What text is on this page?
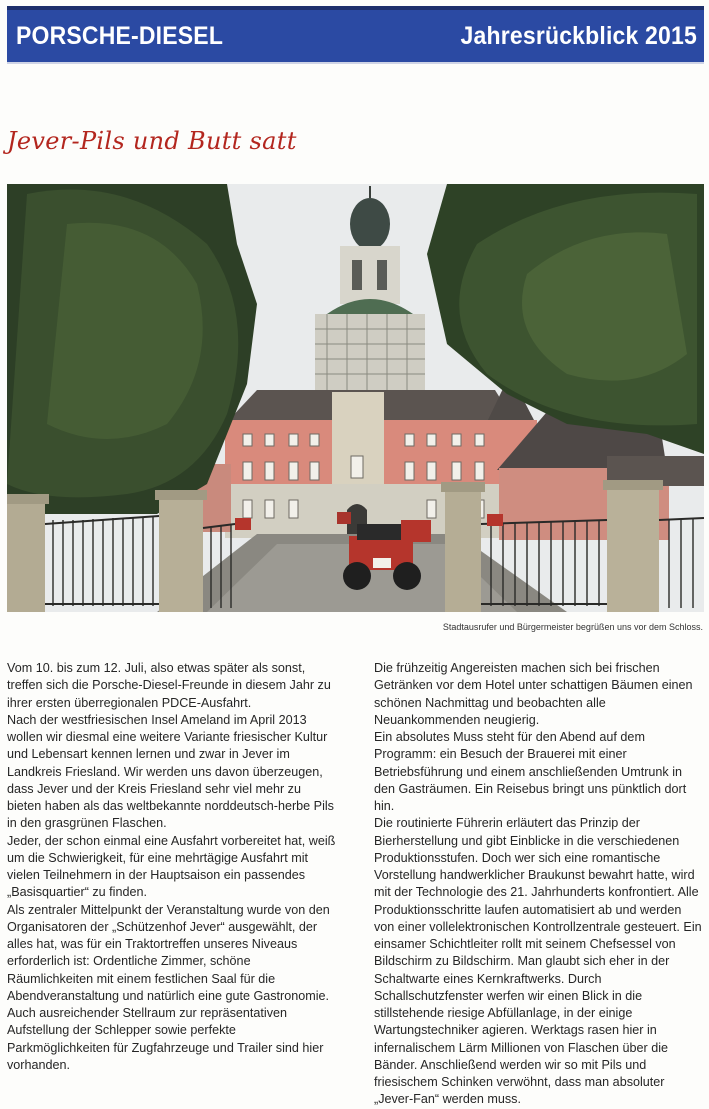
PORSCHE-DIESEL	Jahresrückblick 2015
Jever-Pils und Butt satt
Stadtausrufer und Bürgermeister begrüßen uns vor dem Schloss.

Vom 10. bis zum 12. Juli, also etwas später als sonst, treffen sich die Porsche-Diesel-Freunde in diesem Jahr zu ihrer ersten überregionalen PDCE-Ausfahrt.

Nach der westfriesischen Insel Ameland im April 2013 wollen wir diesmal eine weitere Variante friesischer Kultur und Lebensart kennen lernen und zwar in Jever im Landkreis Friesland. Wir werden uns davon überzeugen, dass Jever und der Kreis Friesland sehr viel mehr zu bieten haben als das weltbekannte norddeutsch-herbe Pils in den grasgrünen Flaschen.

Jeder, der schon einmal eine Ausfahrt vorbereitet hat, weiß um die Schwierigkeit, für eine mehrtägige Ausfahrt mit vielen Teilnehmern in der Hauptsaison ein passendes „Basisquartier“ zu finden.

Als zentraler Mittelpunkt der Veranstaltung wurde von den Organisatoren der „Schützenhof Jever“ ausgewählt, der alles hat, was für ein Traktortreffen unseres Niveaus erforderlich ist: Ordentliche Zimmer, schöne Räumlichkeiten mit einem festlichen Saal für die Abendveranstaltung und natürlich eine gute Gastronomie. Auch ausreichender Stellraum zur repräsentativen Aufstellung der Schlepper sowie perfekte Parkmöglichkeiten für Zugfahrzeuge und Trailer sind hier vorhanden.

Die frühzeitig Angereisten machen sich bei frischen Getränken vor dem Hotel unter schattigen Bäumen einen schönen Nachmittag und beobachten alle Neuankommenden neugierig.

Ein absolutes Muss steht für den Abend auf dem Programm: ein Besuch der Brauerei mit einer Betriebsführung und einem anschließenden Umtrunk in den Gasträumen. Ein Reisebus bringt uns pünktlich dort hin.

Die routinierte Führerin erläutert das Prinzip der Bierherstellung und gibt Einblicke in die verschiedenen Produktionsstufen. Doch wer sich eine romantische Vorstellung handwerklicher Braukunst bewahrt hatte, wird mit der Technologie des 21. Jahrhunderts konfrontiert. Alle Produktionsschritte laufen automatisiert ab und werden von einer vollelektronischen Kontrollzentrale gesteuert. Ein einsamer Schichtleiter rollt mit seinem Chefsessel von Bildschirm zu Bildschirm. Man glaubt sich eher in der Schaltwarte eines Kernkraftwerks. Durch Schallschutzfenster werfen wir einen Blick in die stillstehende riesige Abfüllanlage, in der einige Wartungstechniker agieren. Werktags rasen hier in infernalischem Lärm Millionen von Flaschen über die Bänder. Anschließend werden wir so mit Pils und friesischem Schinken verwöhnt, dass man absoluter „Jever-Fan“ werden muss.
